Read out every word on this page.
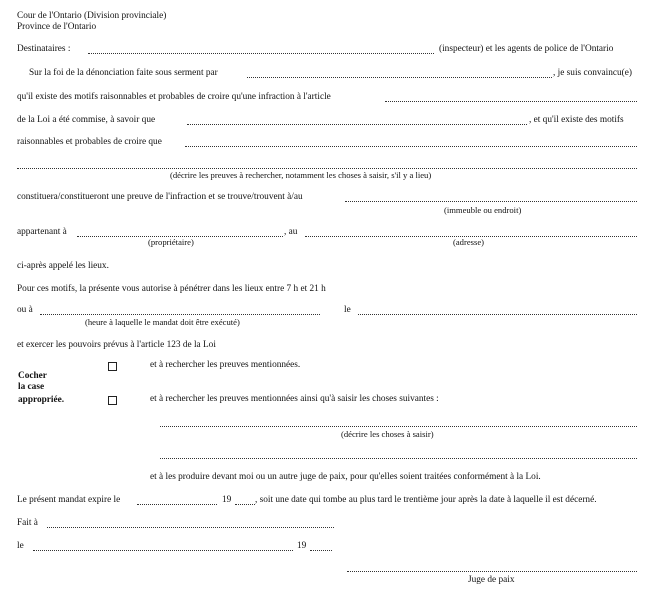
Cour de l'Ontario (Division provinciale)
Province de l'Ontario
Destinataires :	(inspecteur) et les agents de police de l'Ontario
Sur la foi de la dénonciation faite sous serment par	, je suis convaincu(e)
qu'il existe des motifs raisonnables et probables de croire qu'une infraction à l'article
de la Loi a été commise, à savoir que	, et qu'il existe des motifs
raisonnables et probables de croire que
(décrire les preuves à rechercher, notamment les choses à saisir, s'il y a lieu)
constituera/constitueront une preuve de l'infraction et se trouve/trouvent à/au
(immeuble ou endroit)
appartenant à	, au
(propriétaire)	(adresse)
ci-après appelé les lieux.
Pour ces motifs, la présente vous autorise à pénétrer dans les lieux entre 7 h et 21 h
ou à	le
(heure à laquelle le mandat doit être exécuté)
et exercer les pouvoirs prévus à l'article 123 de la Loi
Cocher
la case
appropriée.
et à rechercher les preuves mentionnées.
et à rechercher les preuves mentionnées ainsi qu'à saisir les choses suivantes :
(décrire les choses à saisir)
et à les produire devant moi ou un autre juge de paix, pour qu'elles soient traitées conformément à la Loi.
Le présent mandat expire le	19	, soit une date qui tombe au plus tard le trentième jour après la date à laquelle il est décerné.
Fait à
le	19
Juge de paix
